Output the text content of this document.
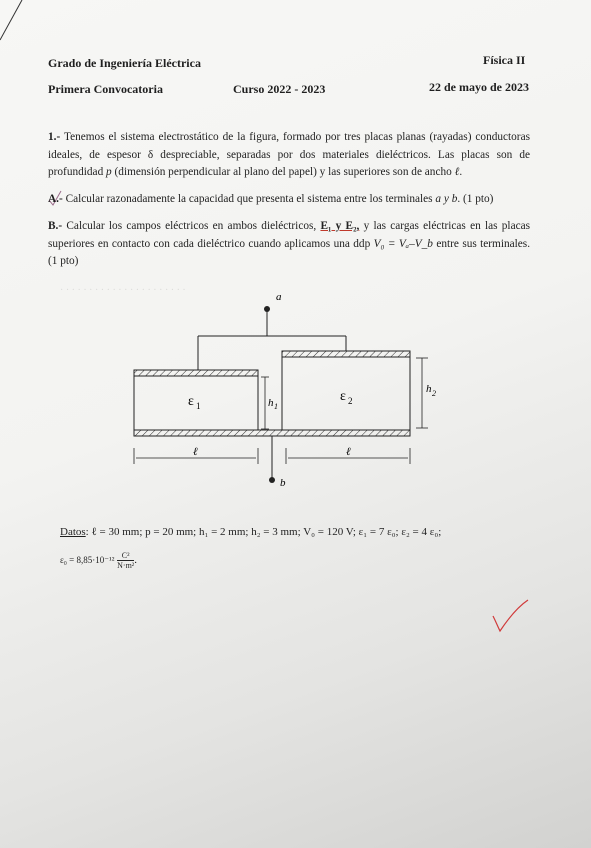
Grado de Ingeniería Eléctrica	Física II
Primera Convocatoria	Curso 2022 - 2023	22 de mayo de 2023
1.- Tenemos el sistema electrostático de la figura, formado por tres placas planas (rayadas) conductoras ideales, de espesor δ despreciable, separadas por dos materiales dieléctricos. Las placas son de profundidad p (dimensión perpendicular al plano del papel) y las superiores son de ancho ℓ.
A.- Calcular razonadamente la capacidad que presenta el sistema entre los terminales a y b. (1 pto)
B.- Calcular los campos eléctricos en ambos dieléctricos, E₁ y E₂, y las cargas eléctricas en las placas superiores en contacto con cada dieléctrico cuando aplicamos una ddp V₀ = Vₐ–V_b entre sus terminales. (1 pto)
· · · · · · · · · · · · · · · · · · · · · ·
a
b
ε 1
ε 2
h 1
h 2
ℓ	ℓ
Datos: ℓ = 30 mm; p = 20 mm; h₁ = 2 mm; h₂ = 3 mm; V₀ = 120 V; ε₁ = 7 ε₀; ε₂ = 4 ε₀;
$\varepsilon_0 = 8,85\cdot 10^{-12} \frac{\text{C²}}{\text{N·m²}}$ .
